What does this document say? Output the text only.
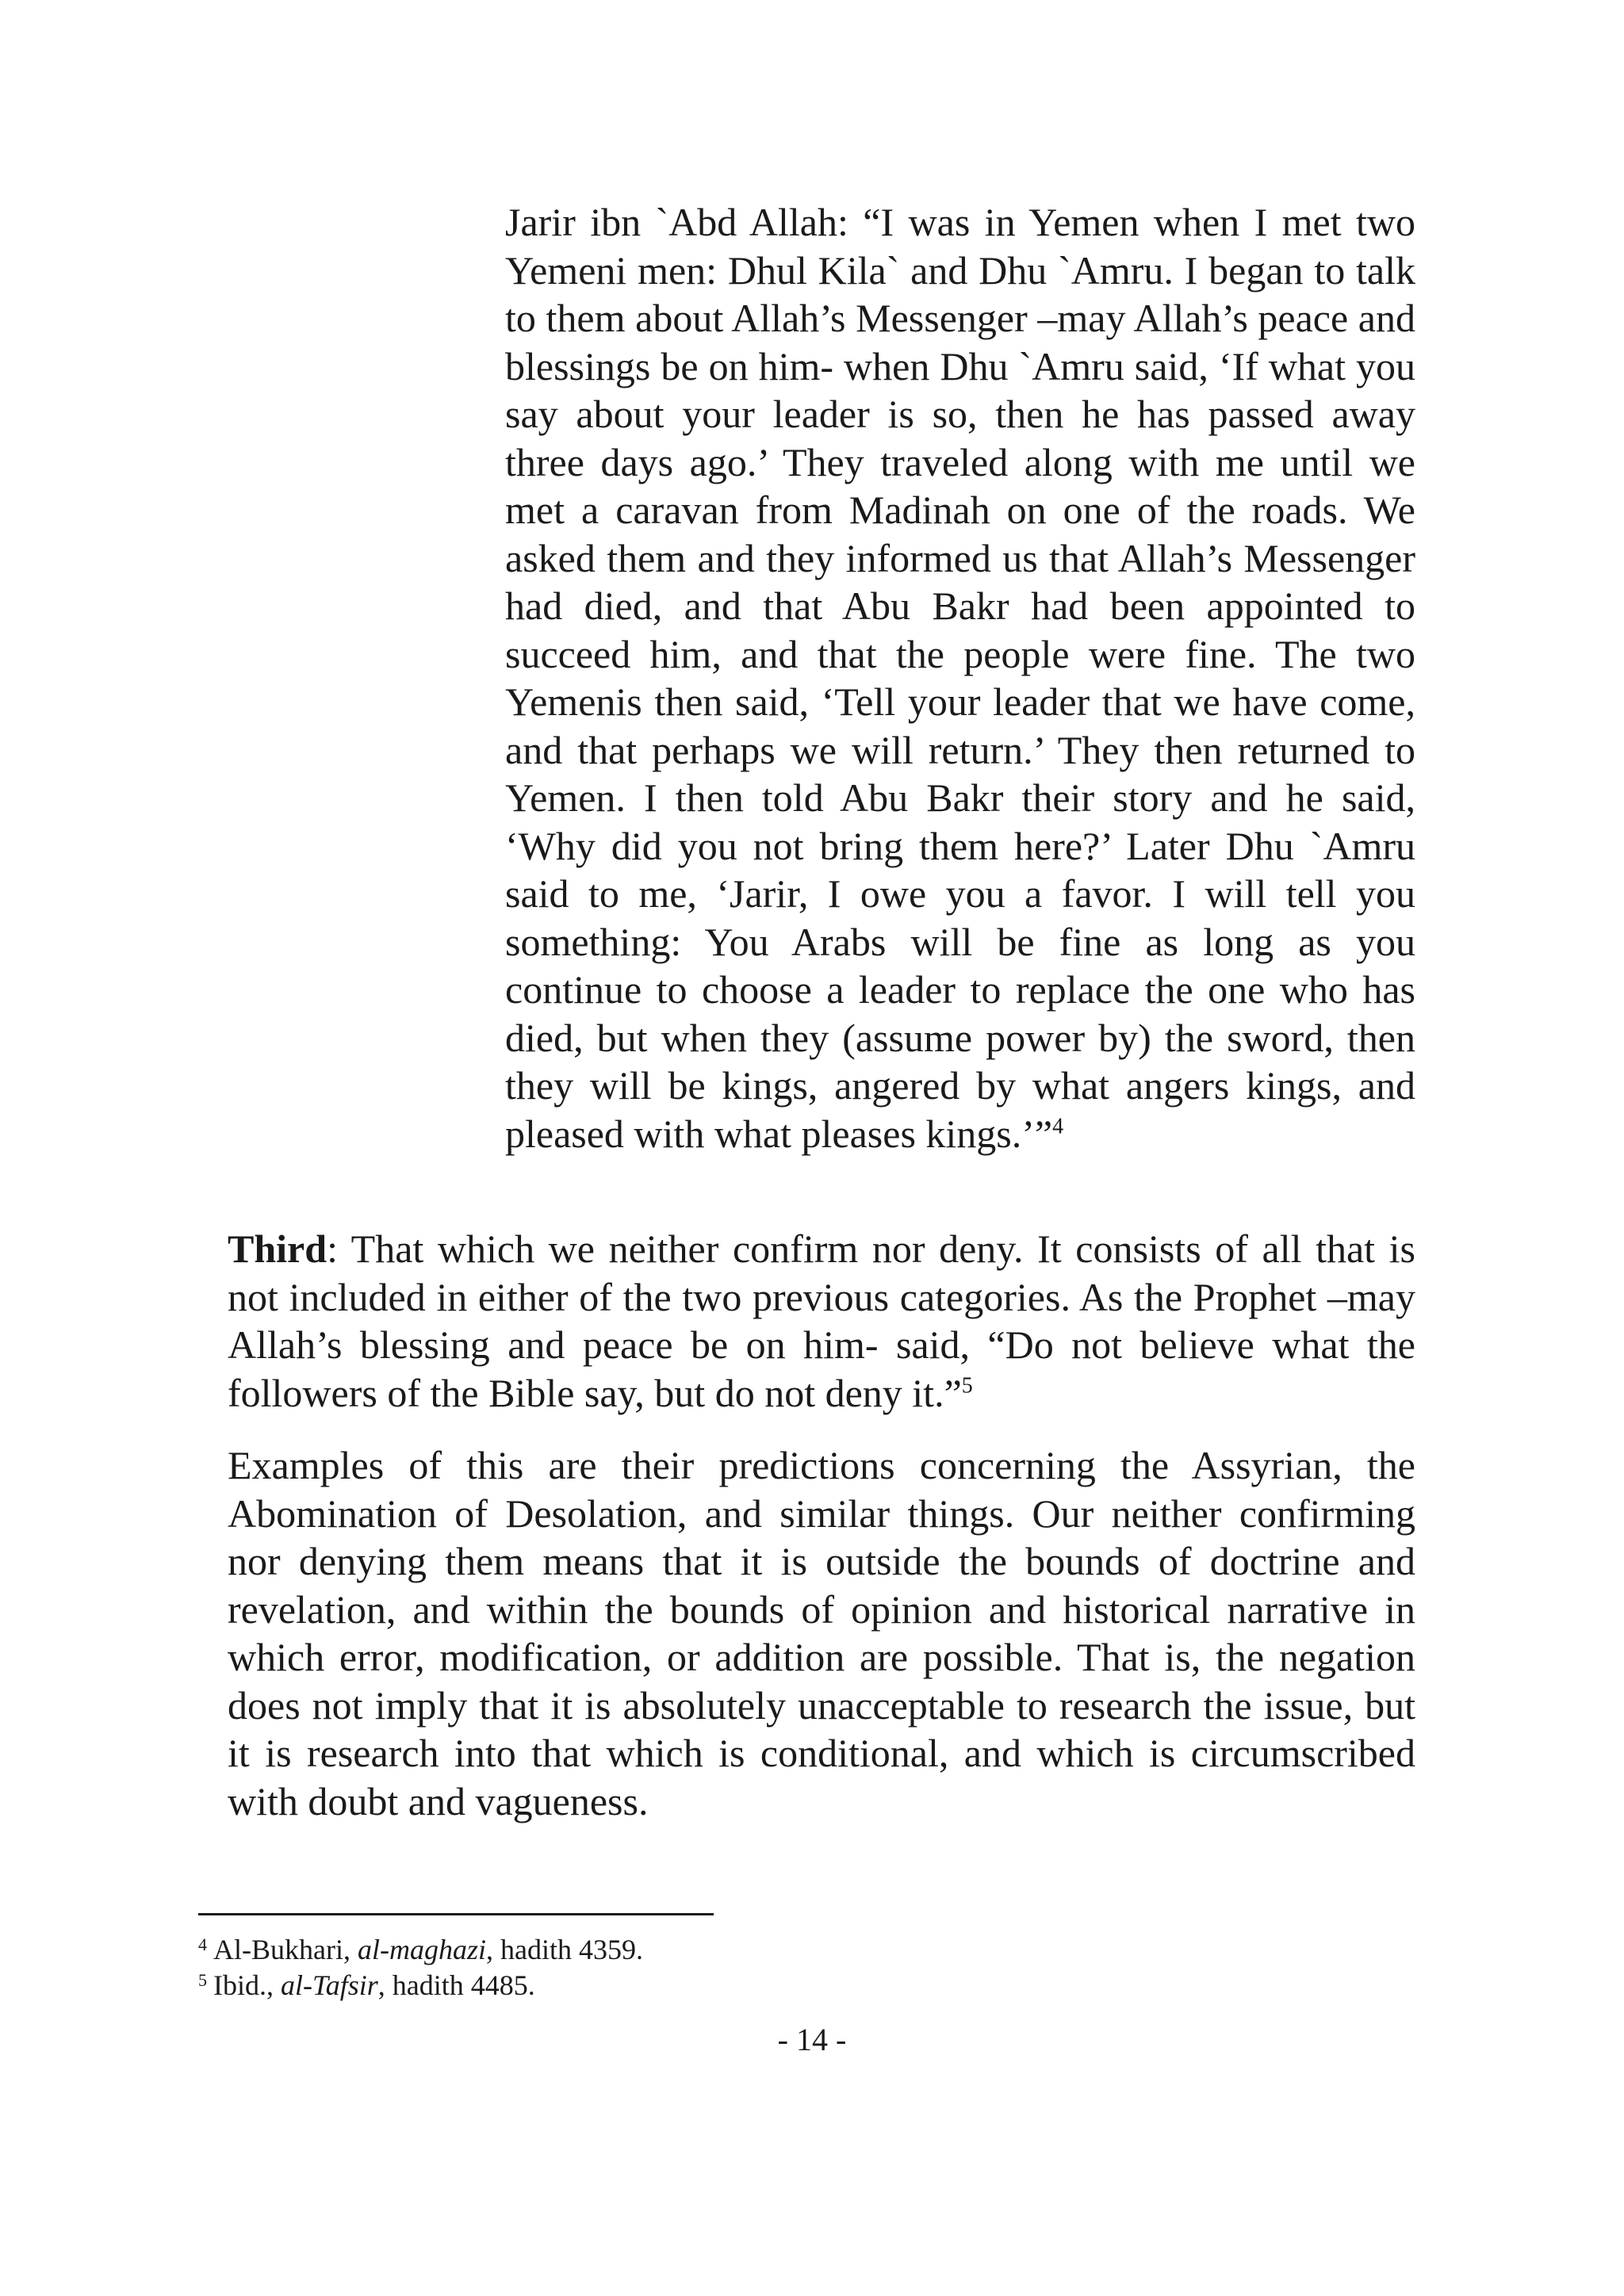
Jarir ibn `Abd Allah: “I was in Yemen when I met two Yemeni men: Dhul Kila` and Dhu `Amru. I began to talk to them about Allah’s Messenger –may Allah’s peace and blessings be on him- when Dhu `Amru said, ‘If what you say about your leader is so, then he has passed away three days ago.’ They traveled along with me until we met a caravan from Madinah on one of the roads. We asked them and they informed us that Allah’s Messenger had died, and that Abu Bakr had been appointed to succeed him, and that the people were fine. The two Yemenis then said, ‘Tell your leader that we have come, and that perhaps we will return.’ They then returned to Yemen. I then told Abu Bakr their story and he said, ‘Why did you not bring them here?’ Later Dhu `Amru said to me, ‘Jarir, I owe you a favor. I will tell you something: You Arabs will be fine as long as you continue to choose a leader to replace the one who has died, but when they (assume power by) the sword, then they will be kings, angered by what angers kings, and pleased with what pleases kings.’”$^4$

Third: That which we neither confirm nor deny. It consists of all that is not included in either of the two previous categories. As the Prophet –may Allah’s blessing and peace be on him- said, “Do not believe what the followers of the Bible say, but do not deny it.”$^5$

Examples of this are their predictions concerning the Assyrian, the Abomination of Desolation, and similar things. Our neither confirming nor denying them means that it is outside the bounds of doctrine and revelation, and within the bounds of opinion and historical narrative in which error, modification, or addition are possible. That is, the negation does not imply that it is absolutely unacceptable to research the issue, but it is research into that which is conditional, and which is circumscribed with doubt and vagueness.

$^4$ Al-Bukhari, al-maghazi, hadith 4359.

$^5$ Ibid., al-Tafsir, hadith 4485.

- 14 -
